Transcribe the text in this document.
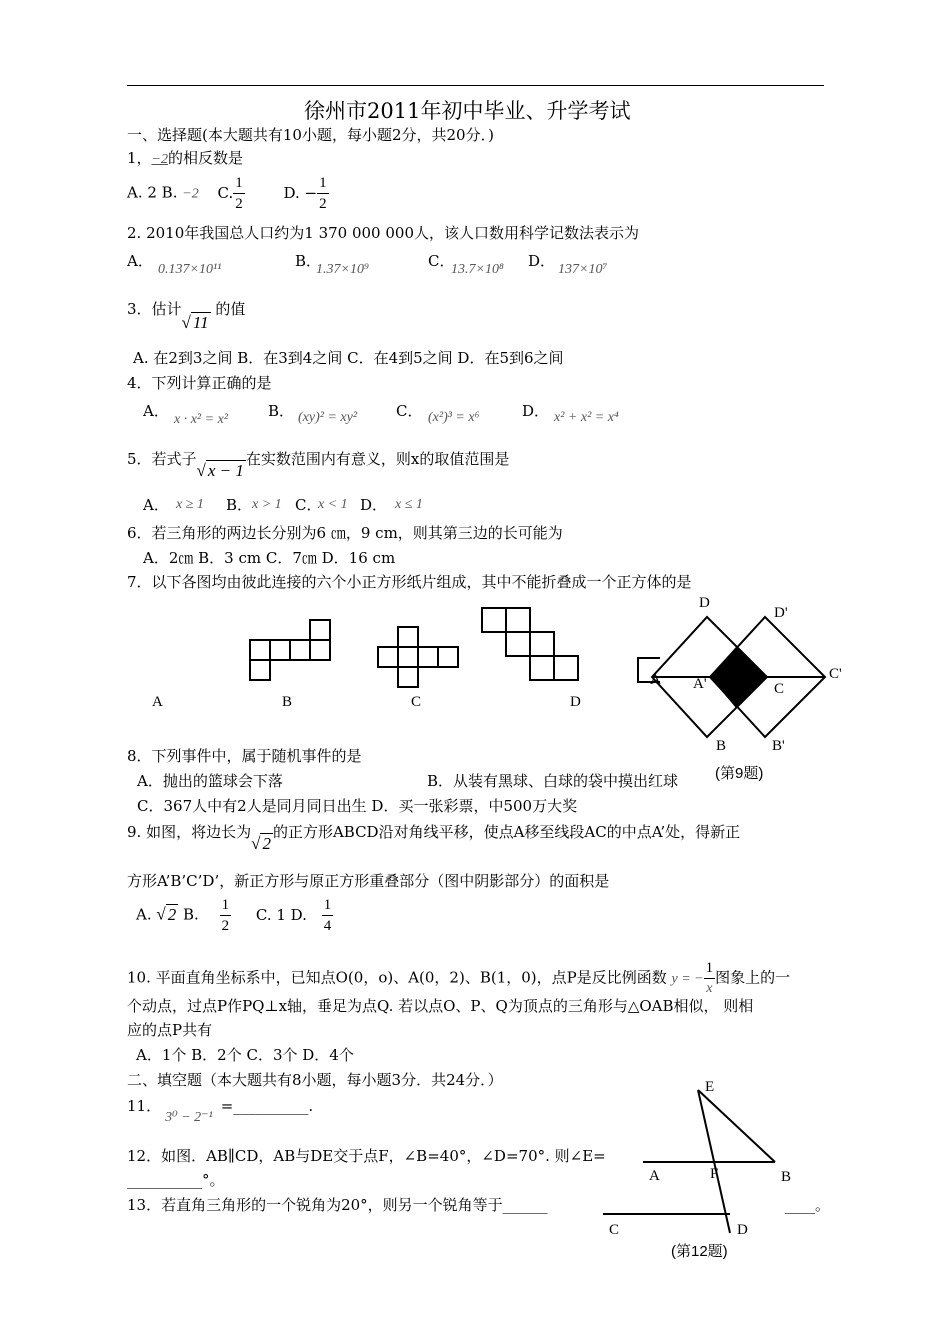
徐州市2011年初中毕业、升学考试
一、选择题(本大题共有10小题，每小题2分，共20分．)
1，−2的相反数是
A. 2 B. −2 C. $\frac{1}{2}$	D. − $\frac{1}{2}$
2. 2010年我国总人口约为1 370 000 000人，该人口数用科学记数法表示为
A． 0.137×10¹¹	B．
1.37×10⁹	C．
13.7×10⁸ D． 137×10⁷
3．估计√ 11 的值
A. 在2到3之间 B．在3到4之间 C．在4到5之间 D．在5到6之间
4．下列计算正确的是
A． x · x² = x²	B． (xy)² = xy²	C． (x²)³ = x⁶	D． x² + x² = x⁴
5．若式子√ x − 1在实数范围内有意义，则x的取值范围是
A． x ≥ 1 B． x > 1 C．
x < 1 D． x ≤ 1
6．若三角形的两边长分别为6 ㎝，9 cm，则其第三边的长可能为
A．2㎝ B．3 cm C．7㎝ D．16 cm
7．以下各图均由彼此连接的六个小正方形纸片组成，其中不能折叠成一个正方体的是
A	B	C	D
D
D'
A A'	C
C'
B	B'
(第9题)
8．下列事件中，属于随机事件的是
A．抛出的篮球会下落	B．从装有黑球、白球的袋中摸出红球
C．367人中有2人是同月同日出生 D．买一张彩票，中500万大奖
9. 如图，将边长为√ 2的正方形ABCD沿对角线平移，使点A移至线段AC的中点A’处，得新正
方形A’B’C’D’，新正方形与原正方形重叠部分（图中阴影部分）的面积是
A. √ 2 B. $\frac{1}{2} C$. 1 D. $\frac{1}{4}$
10. 平面直角坐标系中，已知点O(0，o)、A(0，2)、B(1，0)，点P是反比例函数 y = − $\frac{1}{x}$ 图象上的一
个动点，过点P作PQ⊥x轴，垂足为点Q. 若以点O、P、Q为顶点的三角形与△OAB相似， 则相
应的点P共有
A．1个 B．2个 C．3个 D．4个
二、填空题（本大题共有8小题，每小题3分．共24分．）
11．3⁰ − 2⁻¹=__________.
12．如图．AB∥CD，AB与DE交于点F，∠B=40°，∠D=70°. 则∠E=
__________°。
13．若直角三角形的一个锐角为20°，则另一个锐角等于______	____。
E
A	F	B
C	D
(第12题)
